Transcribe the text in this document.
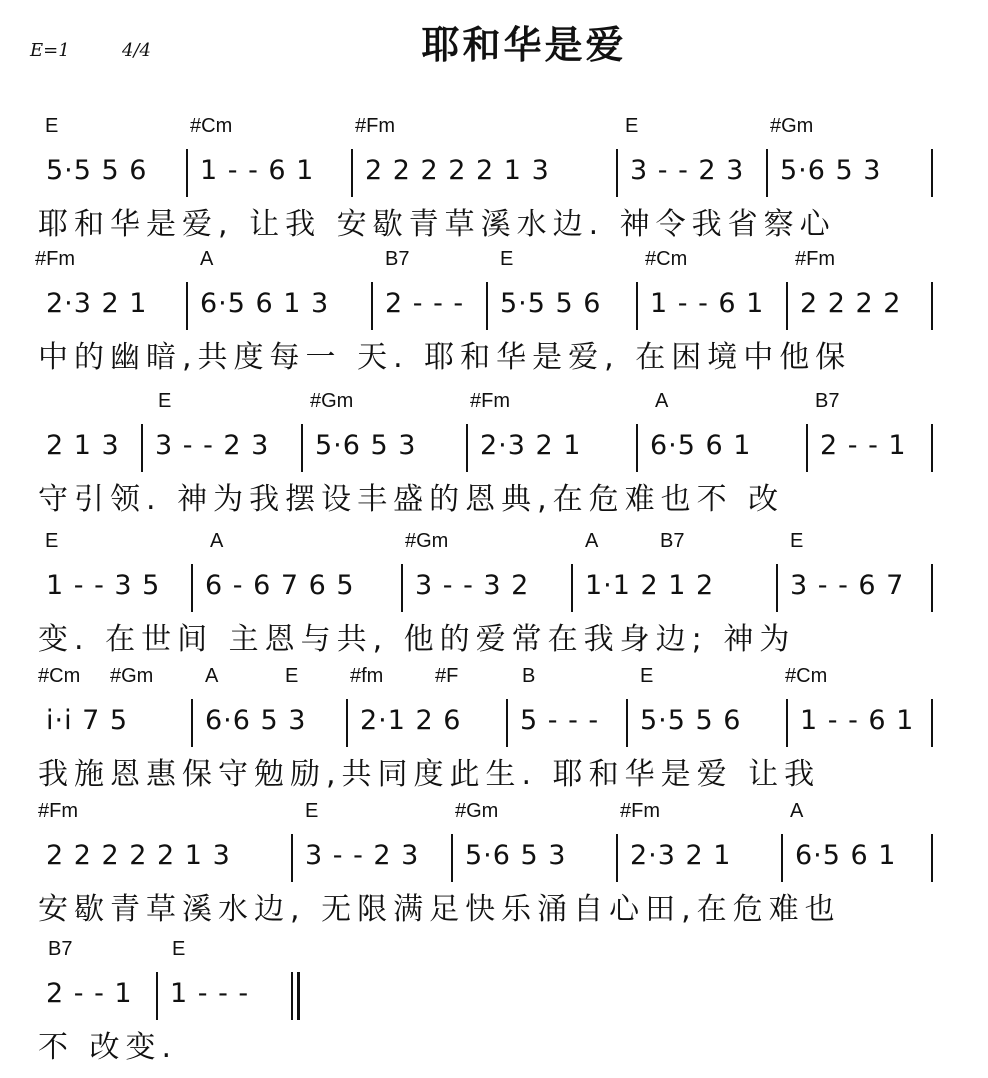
耶和华是爱
E=1	4/4
E	#Cm	#Fm	E	#Gm
5·5 5 6	1 - - 6 1	2 2 2 2 2 1 3	3 - - 2 3	5·6 5 3
耶和华是爱, 让我 安歇青草溪水边. 神令我省察心
#Fm	A	B7	E	#Cm	#Fm
2·3 2 1	6·5 6 1 3	2 - - -	5·5 5 6	1 - - 6 1	2 2 2 2
中的幽暗,共度每一 天. 耶和华是爱, 在困境中他保
E	#Gm	#Fm	A	B7
2 1 3	3 - - 2 3	5·6 5 3	2·3 2 1	6·5 6 1	2 - - 1
守引领. 神为我摆设丰盛的恩典,在危难也不 改
E	A	#Gm	A	B7	E
1 - - 3 5	6 - 6 7 6 5	3 - - 3 2	1·1 2 1 2	3 - - 6 7
变. 在世间 主恩与共, 他的爱常在我身边; 神为
#Cm #Gm	A	E	#fm	#F	B	E	#Cm
i·i 7 5	6·6 5 3	2·1 2 6	5 - - -	5·5 5 6	1 - - 6 1
我施恩惠保守勉励,共同度此生. 耶和华是爱 让我
#Fm	E	#Gm	#Fm	A
2 2 2 2 2 1 3	3 - - 2 3	5·6 5 3	2·3 2 1	6·5 6 1
安歇青草溪水边, 无限满足快乐涌自心田,在危难也
B7	E
2 - - 1	1 - - -
不 改变.
